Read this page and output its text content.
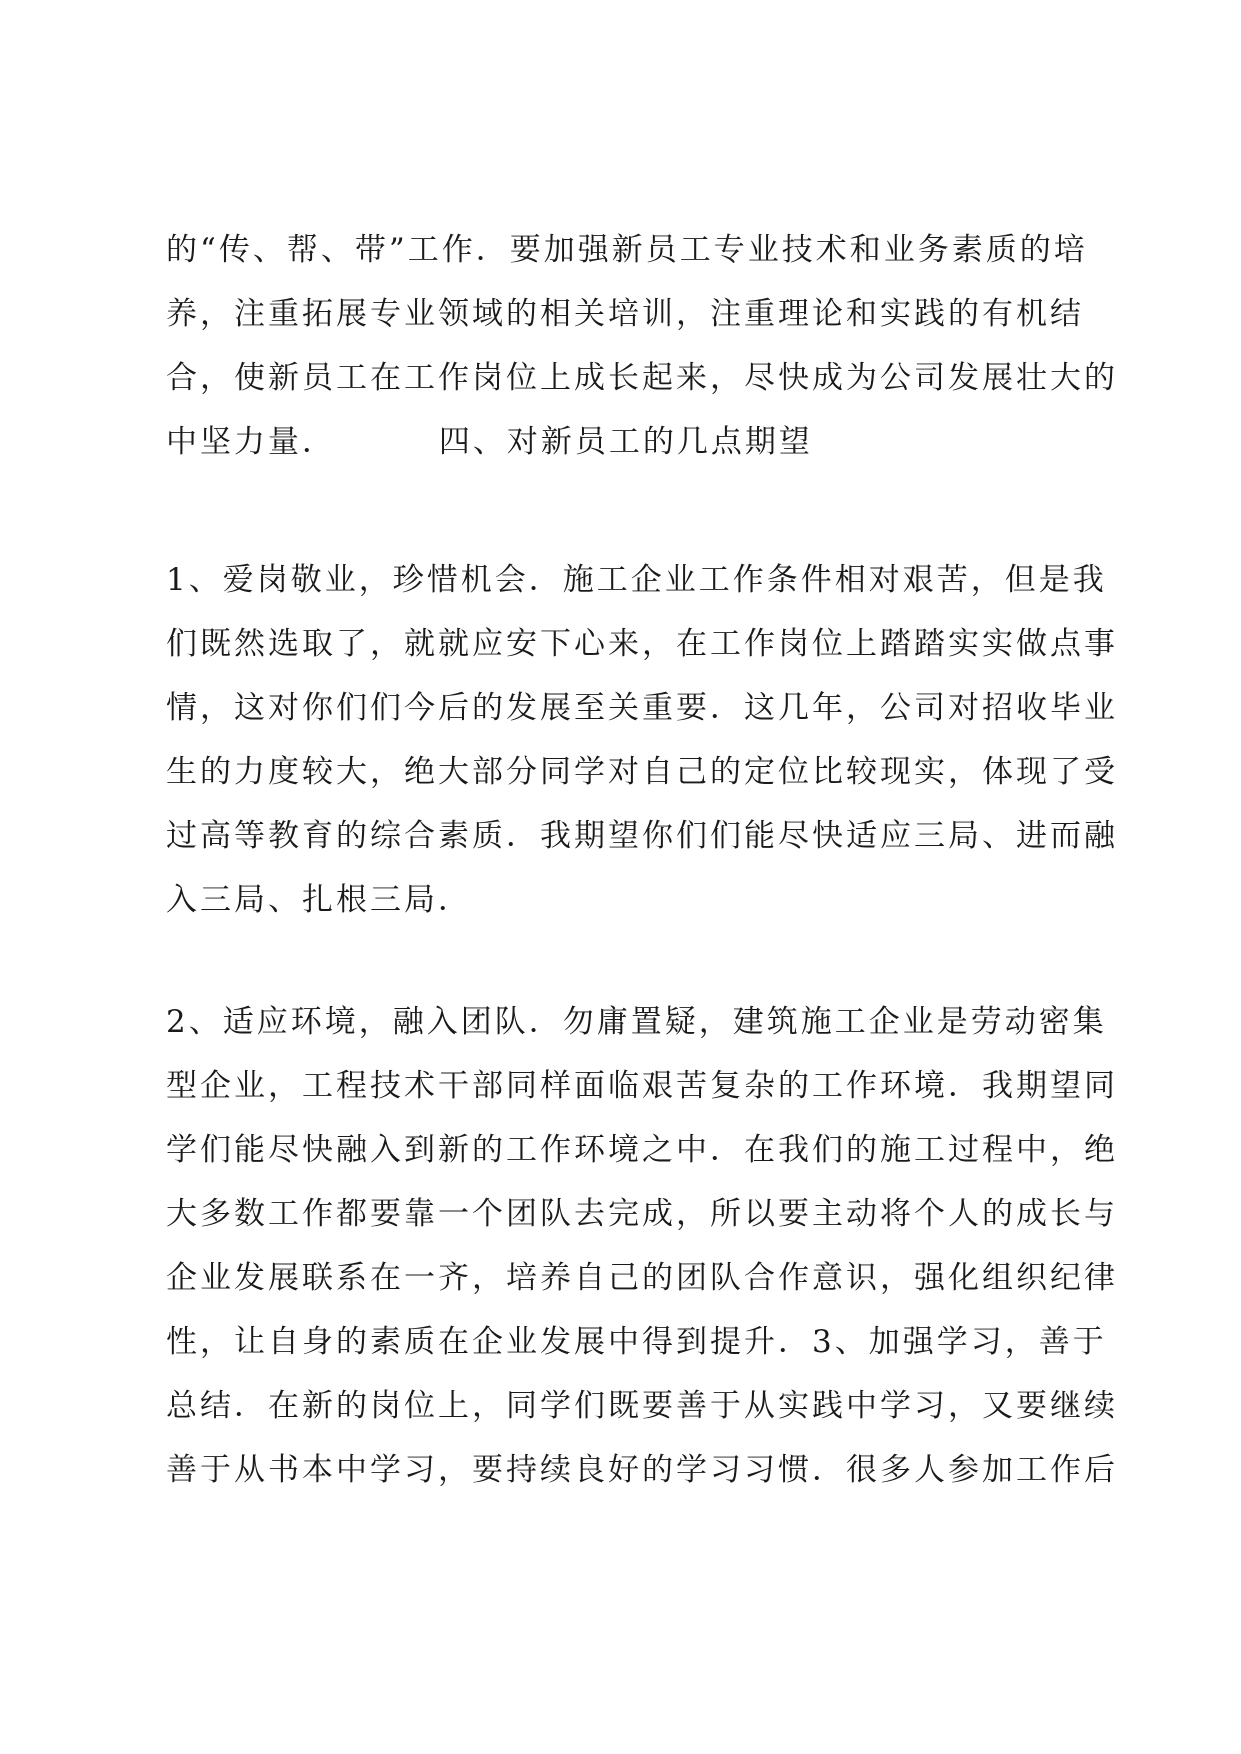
的“传、帮、带”工作．要加强新员工专业技术和业务素质的培
养，注重拓展专业领域的相关培训，注重理论和实践的有机结
合，使新员工在工作岗位上成长起来，尽快成为公司发展壮大的
中坚力量．        四、对新员工的几点期望
1、爱岗敬业，珍惜机会．施工企业工作条件相对艰苦，但是我
们既然选取了，就就应安下心来，在工作岗位上踏踏实实做点事
情，这对你们们今后的发展至关重要．这几年，公司对招收毕业
生的力度较大，绝大部分同学对自己的定位比较现实，体现了受
过高等教育的综合素质．我期望你们们能尽快适应三局、进而融
入三局、扎根三局．
2、适应环境，融入团队．勿庸置疑，建筑施工企业是劳动密集
型企业，工程技术干部同样面临艰苦复杂的工作环境．我期望同
学们能尽快融入到新的工作环境之中．在我们的施工过程中，绝
大多数工作都要靠一个团队去完成，所以要主动将个人的成长与
企业发展联系在一齐，培养自己的团队合作意识，强化组织纪律
性，让自身的素质在企业发展中得到提升．3、加强学习，善于
总结．在新的岗位上，同学们既要善于从实践中学习，又要继续
善于从书本中学习，要持续良好的学习习惯．很多人参加工作后
